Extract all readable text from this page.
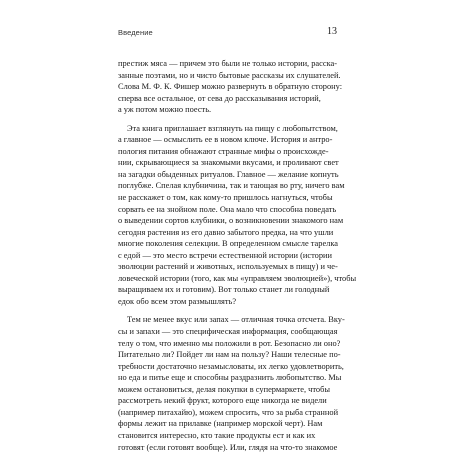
Введение	13
престиж мяса — причем это были не только истории, расска-
занные поэтами, но и чисто бытовые рассказы их слушателей.
Слова М. Ф. К. Фишер можно развернуть в обратную сторону:
сперва все остальное, от сева до рассказывания историй,
а уж потом можно поесть.
Эта книга приглашает взглянуть на пищу с любопытством,
а главное — осмыслить ее в новом ключе. История и антро-
пология питания обнажают странные мифы о происхожде-
нии, скрывающиеся за знакомыми вкусами, и проливают свет
на загадки обыденных ритуалов. Главное — желание копнуть
поглубже. Спелая клубничина, так и тающая во рту, ничего вам
не расскажет о том, как кому-то пришлось нагнуться, чтобы
сорвать ее на знойном поле. Она мало что способна поведать
о выведении сортов клубники, о возникновении знакомого нам
сегодня растения из его давно забытого предка, на что ушли
многие поколения селекции. В определенном смысле тарелка
с едой — это место встречи естественной истории (истории
эволюции растений и животных, используемых в пищу) и че-
ловеческой истории (того, как мы «управляем эволюцией»), чтобы
выращиваем их и готовим). Вот только станет ли голодный
едок обо всем этом размышлять?
Тем не менее вкус или запах — отличная точка отсчета. Вку-
сы и запахи — это специфическая информация, сообщающая
телу о том, что именно мы положили в рот. Безопасно ли оно?
Питательно ли? Пойдет ли нам на пользу? Наши телесные по-
требности достаточно незамысловаты, их легко удовлетворить,
но еда и питье еще и способны раздразнить любопытство. Мы
можем остановиться, делая покупки в супермаркете, чтобы
рассмотреть некий фрукт, которого еще никогда не видели
(например питахайю), можем спросить, что за рыба странной
формы лежит на прилавке (например морской черт). Нам
становится интересно, кто такие продукты ест и как их
готовят (если готовят вообще). Или, глядя на что-то знакомое
